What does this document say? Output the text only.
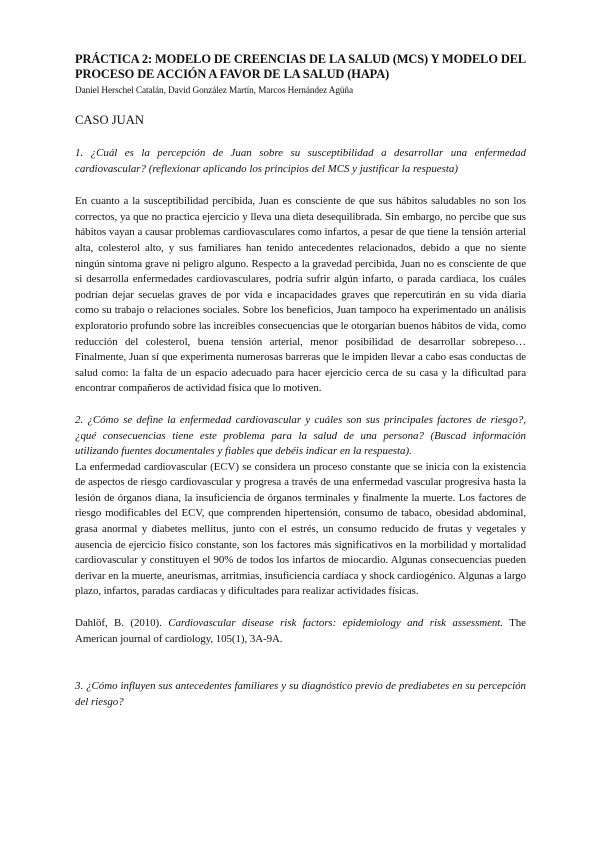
PRÁCTICA 2: MODELO DE CREENCIAS DE LA SALUD (MCS) Y MODELO DEL PROCESO DE ACCIÓN A FAVOR DE LA SALUD (HAPA)

Daniel Herschel Catalán, David González Martín, Marcos Hernández Agüña

CASO JUAN

1. ¿Cuál es la percepción de Juan sobre su susceptibilidad a desarrollar una enfermedad cardiovascular? (reflexionar aplicando los principios del MCS y justificar la respuesta)

En cuanto a la susceptibilidad percibida, Juan es consciente de que sus hábitos saludables no son los correctos, ya que no practica ejercicio y lleva una dieta desequilibrada. Sin embargo, no percibe que sus hábitos vayan a causar problemas cardiovasculares como infartos, a pesar de que tiene la tensión arterial alta, colesterol alto, y sus familiares han tenido antecedentes relacionados, debido a que no siente ningún síntoma grave ni peligro alguno. Respecto a la gravedad percibida, Juan no es consciente de que si desarrolla enfermedades cardiovasculares, podría sufrir algún infarto, o parada cardiaca, los cuáles podrían dejar secuelas graves de por vida e incapacidades graves que repercutirán en su vida diaria como su trabajo o relaciones sociales. Sobre los beneficios, Juan tampoco ha experimentado un análisis exploratorio profundo sobre las increíbles consecuencias que le otorgarían buenos hábitos de vida, como reducción del colesterol, buena tensión arterial, menor posibilidad de desarrollar sobrepeso… Finalmente, Juan sí que experimenta numerosas barreras que le impiden llevar a cabo esas conductas de salud como: la falta de un espacio adecuado para hacer ejercicio cerca de su casa y la dificultad para encontrar compañeros de actividad física que lo motiven.

2. ¿Cómo se define la enfermedad cardiovascular y cuáles son sus principales factores de riesgo?, ¿qué consecuencias tiene este problema para la salud de una persona? (Buscad información utilizando fuentes documentales y fiables que debéis indicar en la respuesta).

La enfermedad cardiovascular (ECV) se considera un proceso constante que se inicia con la existencia de aspectos de riesgo cardiovascular y progresa a través de una enfermedad vascular progresiva hasta la lesión de órganos diana, la insuficiencia de órganos terminales y finalmente la muerte. Los factores de riesgo modificables del ECV, que comprenden hipertensión, consumo de tabaco, obesidad abdominal, grasa anormal y diabetes mellitus, junto con el estrés, un consumo reducido de frutas y vegetales y ausencia de ejercicio físico constante, son los factores más significativos en la morbilidad y mortalidad cardiovascular y constituyen el 90% de todos los infartos de miocardio. Algunas consecuencias pueden derivar en la muerte, aneurismas, arritmias, insuficiencia cardíaca y shock cardiogénico. Algunas a largo plazo, infartos, paradas cardiacas y dificultades para realizar actividades físicas.

Dahlöf, B. (2010). Cardiovascular disease risk factors: epidemiology and risk assessment. The American journal of cardiology, 105(1), 3A-9A.

3. ¿Cómo influyen sus antecedentes familiares y su diagnóstico previo de prediabetes en su percepción del riesgo?
